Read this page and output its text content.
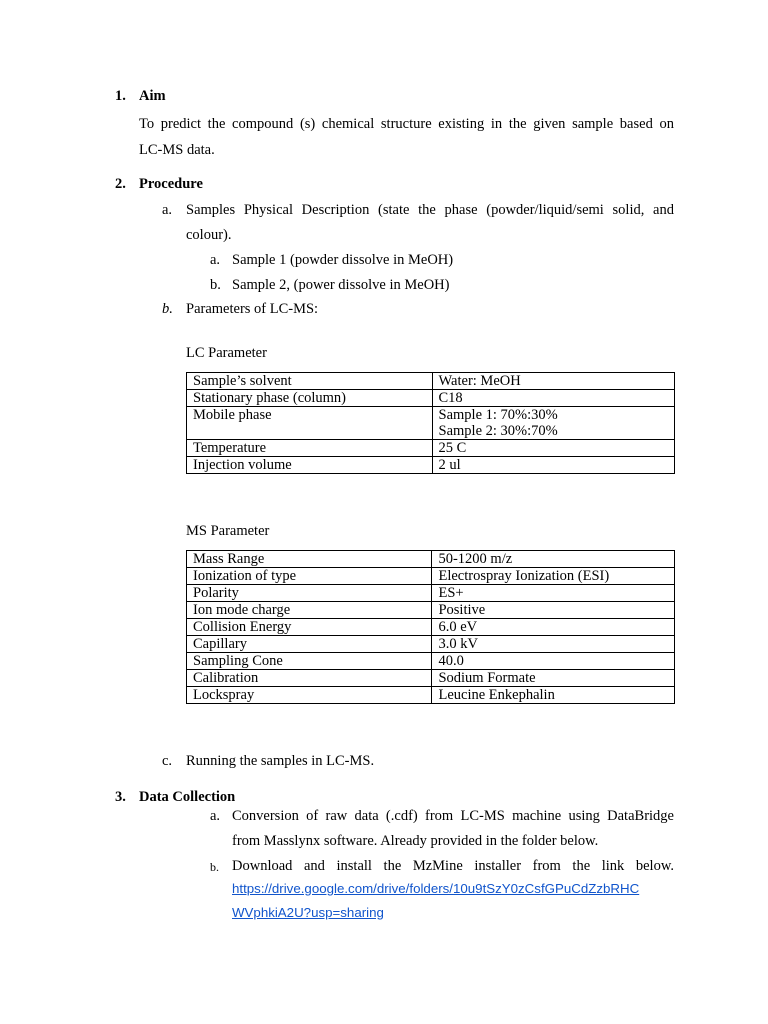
1. Aim
To predict the compound (s) chemical structure existing in the given sample based on
LC-MS data.
2. Procedure
a. Samples Physical Description (state the phase (powder/liquid/semi solid, and
colour).
a. Sample 1 (powder dissolve in MeOH)
b. Sample 2, (power dissolve in MeOH)
b. Parameters of LC-MS:
LC Parameter
Sample’s solvent	Water: MeOH
Stationary phase (column)	C18
Mobile phase	Sample 1: 70%:30%
Sample 2: 30%:70%

Temperature	25 C
Injection volume	2 ul
MS Parameter
Mass Range	50-1200 m/z
Ionization of type	Electrospray Ionization (ESI)
Polarity	ES+
Ion mode charge	Positive
Collision Energy	6.0 eV
Capillary	3.0 kV
Sampling Cone	40.0
Calibration	Sodium Formate
Lockspray	Leucine Enkephalin
c. Running the samples in LC-MS.
3. Data Collection
a. Conversion of raw data (.cdf) from LC-MS machine using DataBridge
from Masslynx software. Already provided in the folder below.
b. Download and install the MzMine installer from the link below.
https://drive.google.com/drive/folders/10u9tSzY0zCsfGPuCdZzbRHC
WVphkiA2U?usp=sharing
